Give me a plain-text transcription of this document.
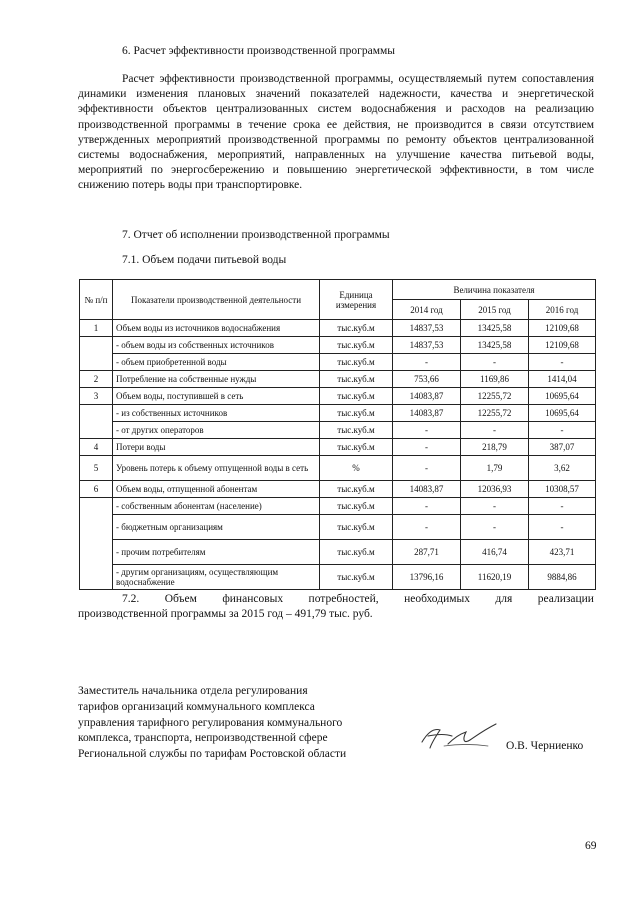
6. Расчет эффективности производственной программы
Расчет эффективности производственной программы, осуществляемый путем сопоставления динамики изменения плановых значений показателей надежности, качества и энергетической эффективности объектов централизованных систем водоснабжения и расходов на реализацию производственной программы в течение срока ее действия, не производится в связи отсутствием утвержденных мероприятий производственной программы по ремонту объектов централизованной системы водоснабжения, мероприятий, направленных на улучшение качества питьевой воды, мероприятий по энергосбережению и повышению энергетической эффективности, в том числе снижению потерь воды при транспортировке.
7. Отчет об исполнении производственной программы
7.1. Объем подачи питьевой воды
№ п/п	Показатели производственной деятельности	Единица измерения	Величина показателя		
			2014 год	2015 год	2016 год
1	Объем воды из источников водоснабжения	тыс.куб.м	14837,53	13425,58	12109,68
	- объем воды из собственных источников	тыс.куб.м	14837,53	13425,58	12109,68
	- объем приобретенной воды	тыс.куб.м	-	-	-
2	Потребление на собственные нужды	тыс.куб.м	753,66	1169,86	1414,04
3	Объем воды, поступившей в сеть	тыс.куб.м	14083,87	12255,72	10695,64
	- из собственных источников	тыс.куб.м	14083,87	12255,72	10695,64
	- от других операторов	тыс.куб.м	-	-	-
4	Потери воды	тыс.куб.м	-	218,79	387,07
5	Уровень потерь к объему отпущенной воды в сеть	%	-	1,79	3,62
6	Объем воды, отпущенной абонентам	тыс.куб.м	14083,87	12036,93	10308,57
	- собственным абонентам (население)	тыс.куб.м	-	-	-
	- бюджетным организациям	тыс.куб.м	-	-	-
	- прочим потребителям	тыс.куб.м	287,71	416,74	423,71
	- другим организациям, осуществляющим водоснабжение	тыс.куб.м	13796,16	11620,19	9884,86
7.2. Объем финансовых потребностей, необходимых для реализации
производственной программы за 2015 год – 491,79 тыс. руб.
Заместитель начальника отдела регулирования
тарифов организаций коммунального комплекса
управления тарифного регулирования коммунального
комплекса, транспорта, непроизводственной сфере
Региональной службы по тарифам Ростовской области
О.В. Черниенко
69
